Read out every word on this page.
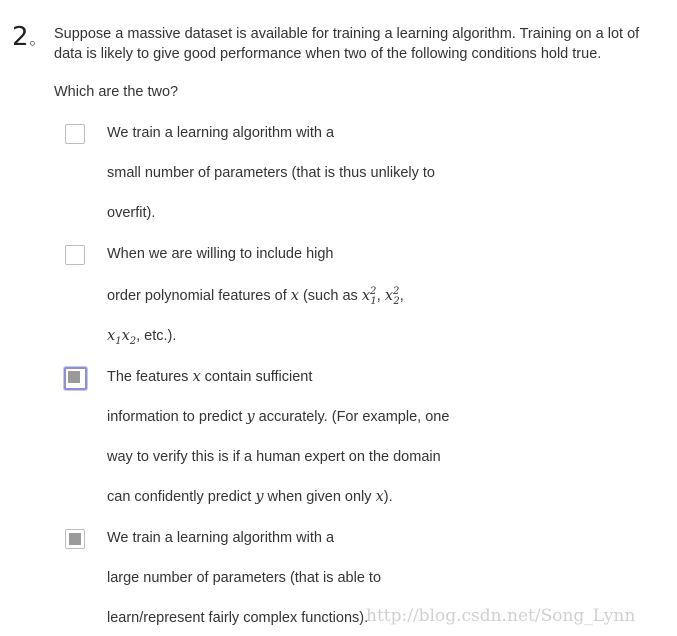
2。 Suppose a massive dataset is available for training a learning algorithm. Training on a lot of data is likely to give good performance when two of the following conditions hold true.
Which are the two?
We train a learning algorithm with a
small number of parameters (that is thus unlikely to
overfit).
When we are willing to include high
order polynomial features of x (such as $x^2_1$, $x^2_2$,
$x_1x_2$, etc.).
The features x contain sufficient
information to predict y accurately. (For example, one
way to verify this is if a human expert on the domain
can confidently predict y when given only x).
We train a learning algorithm with a
large number of parameters (that is able to
learn/represent fairly complex functions).
http://blog.csdn.net/Song_Lynn
